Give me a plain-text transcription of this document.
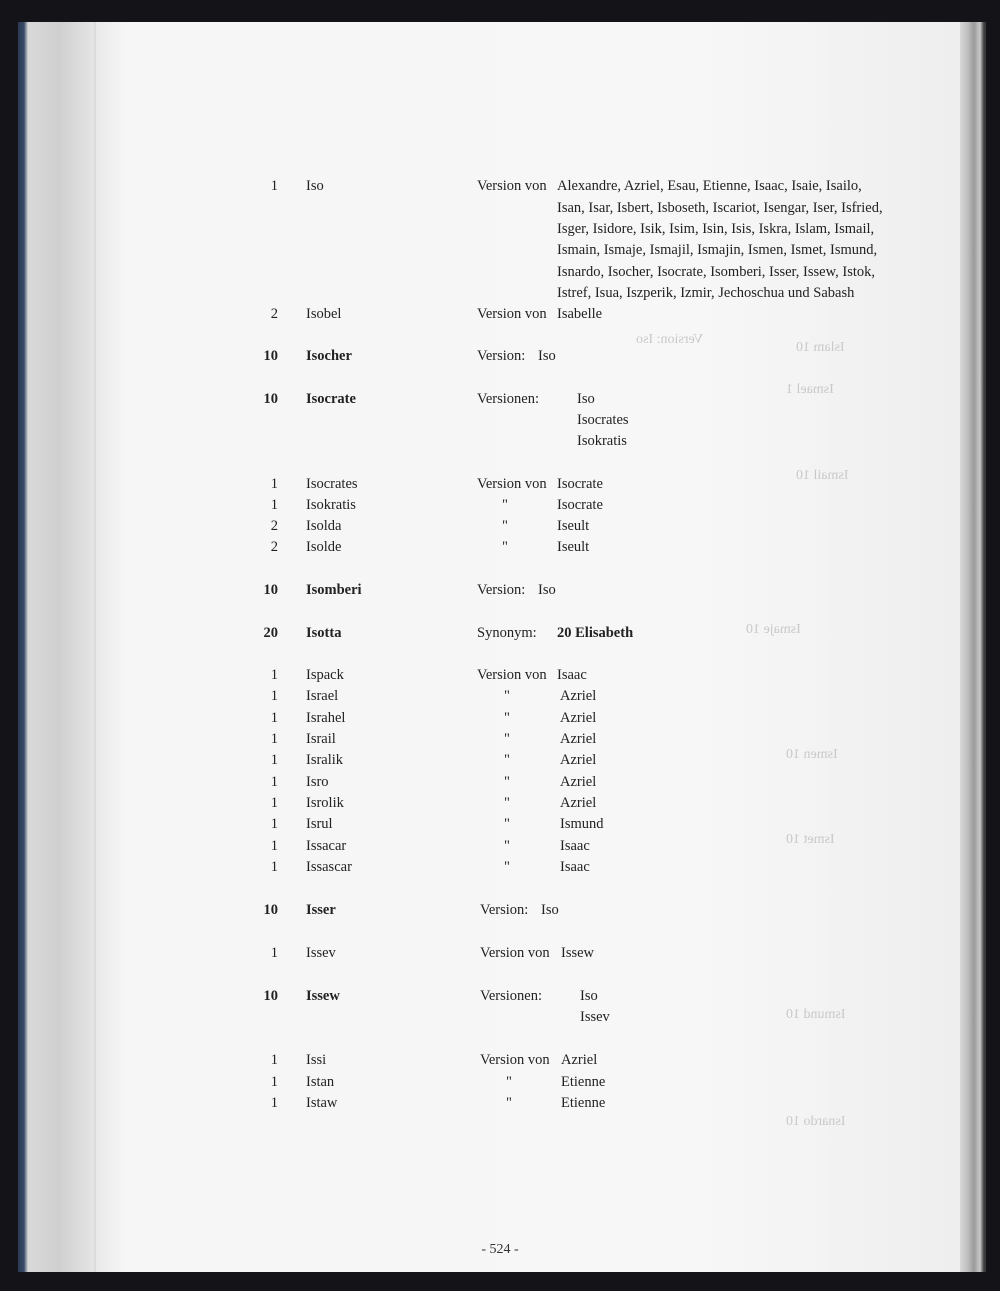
Version: Iso
Islam 10
Ismael 1
Ismail 10
Ismaje 10
Ismen 10
Ismet 10
Ismund 10
Isnardo 10
1 Iso	Version von Alexandre, Azriel, Esau, Etienne, Isaac, Isaie, Isailo,
Isan, Isar, Isbert, Isboseth, Iscariot, Isengar, Iser, Isfried,
Isger, Isidore, Isik, Isim, Isin, Isis, Iskra, Islam, Ismail,
Ismain, Ismaje, Ismajil, Ismajin, Ismen, Ismet, Ismund,
Isnardo, Isocher, Isocrate, Isomberi, Isser, Issew, Istok,
Istref, Isua, Iszperik, Izmir, Jechoschua und Sabash
2 Isobel	Version von Isabelle
10 Isocher	Version: Iso
10 Isocrate	Versionen:	Iso
Isocrates
Isokratis
1 Isocrates	Version von Isocrate
1 Isokratis	"	Isocrate
2 Isolda	"	Iseult
2 Isolde	"	Iseult
10 Isomberi	Version: Iso
20 Isotta	Synonym: 20 Elisabeth
1 Ispack	Version von Isaac
1 Israel	"	Azriel
1 Israhel	"	Azriel
1 Israil	"	Azriel
1 Isralik	"	Azriel
1 Isro	"	Azriel
1 Isrolik	"	Azriel
1 Isrul	"	Ismund
1 Issacar	"	Isaac
1 Issascar	"	Isaac
10 Isser	Version: Iso
1 Issev	Version von Issew
10 Issew	Versionen:	Iso
Issev
1 Issi	Version von Azriel
1 Istan	"	Etienne
1 Istaw	"	Etienne
- 524 -
